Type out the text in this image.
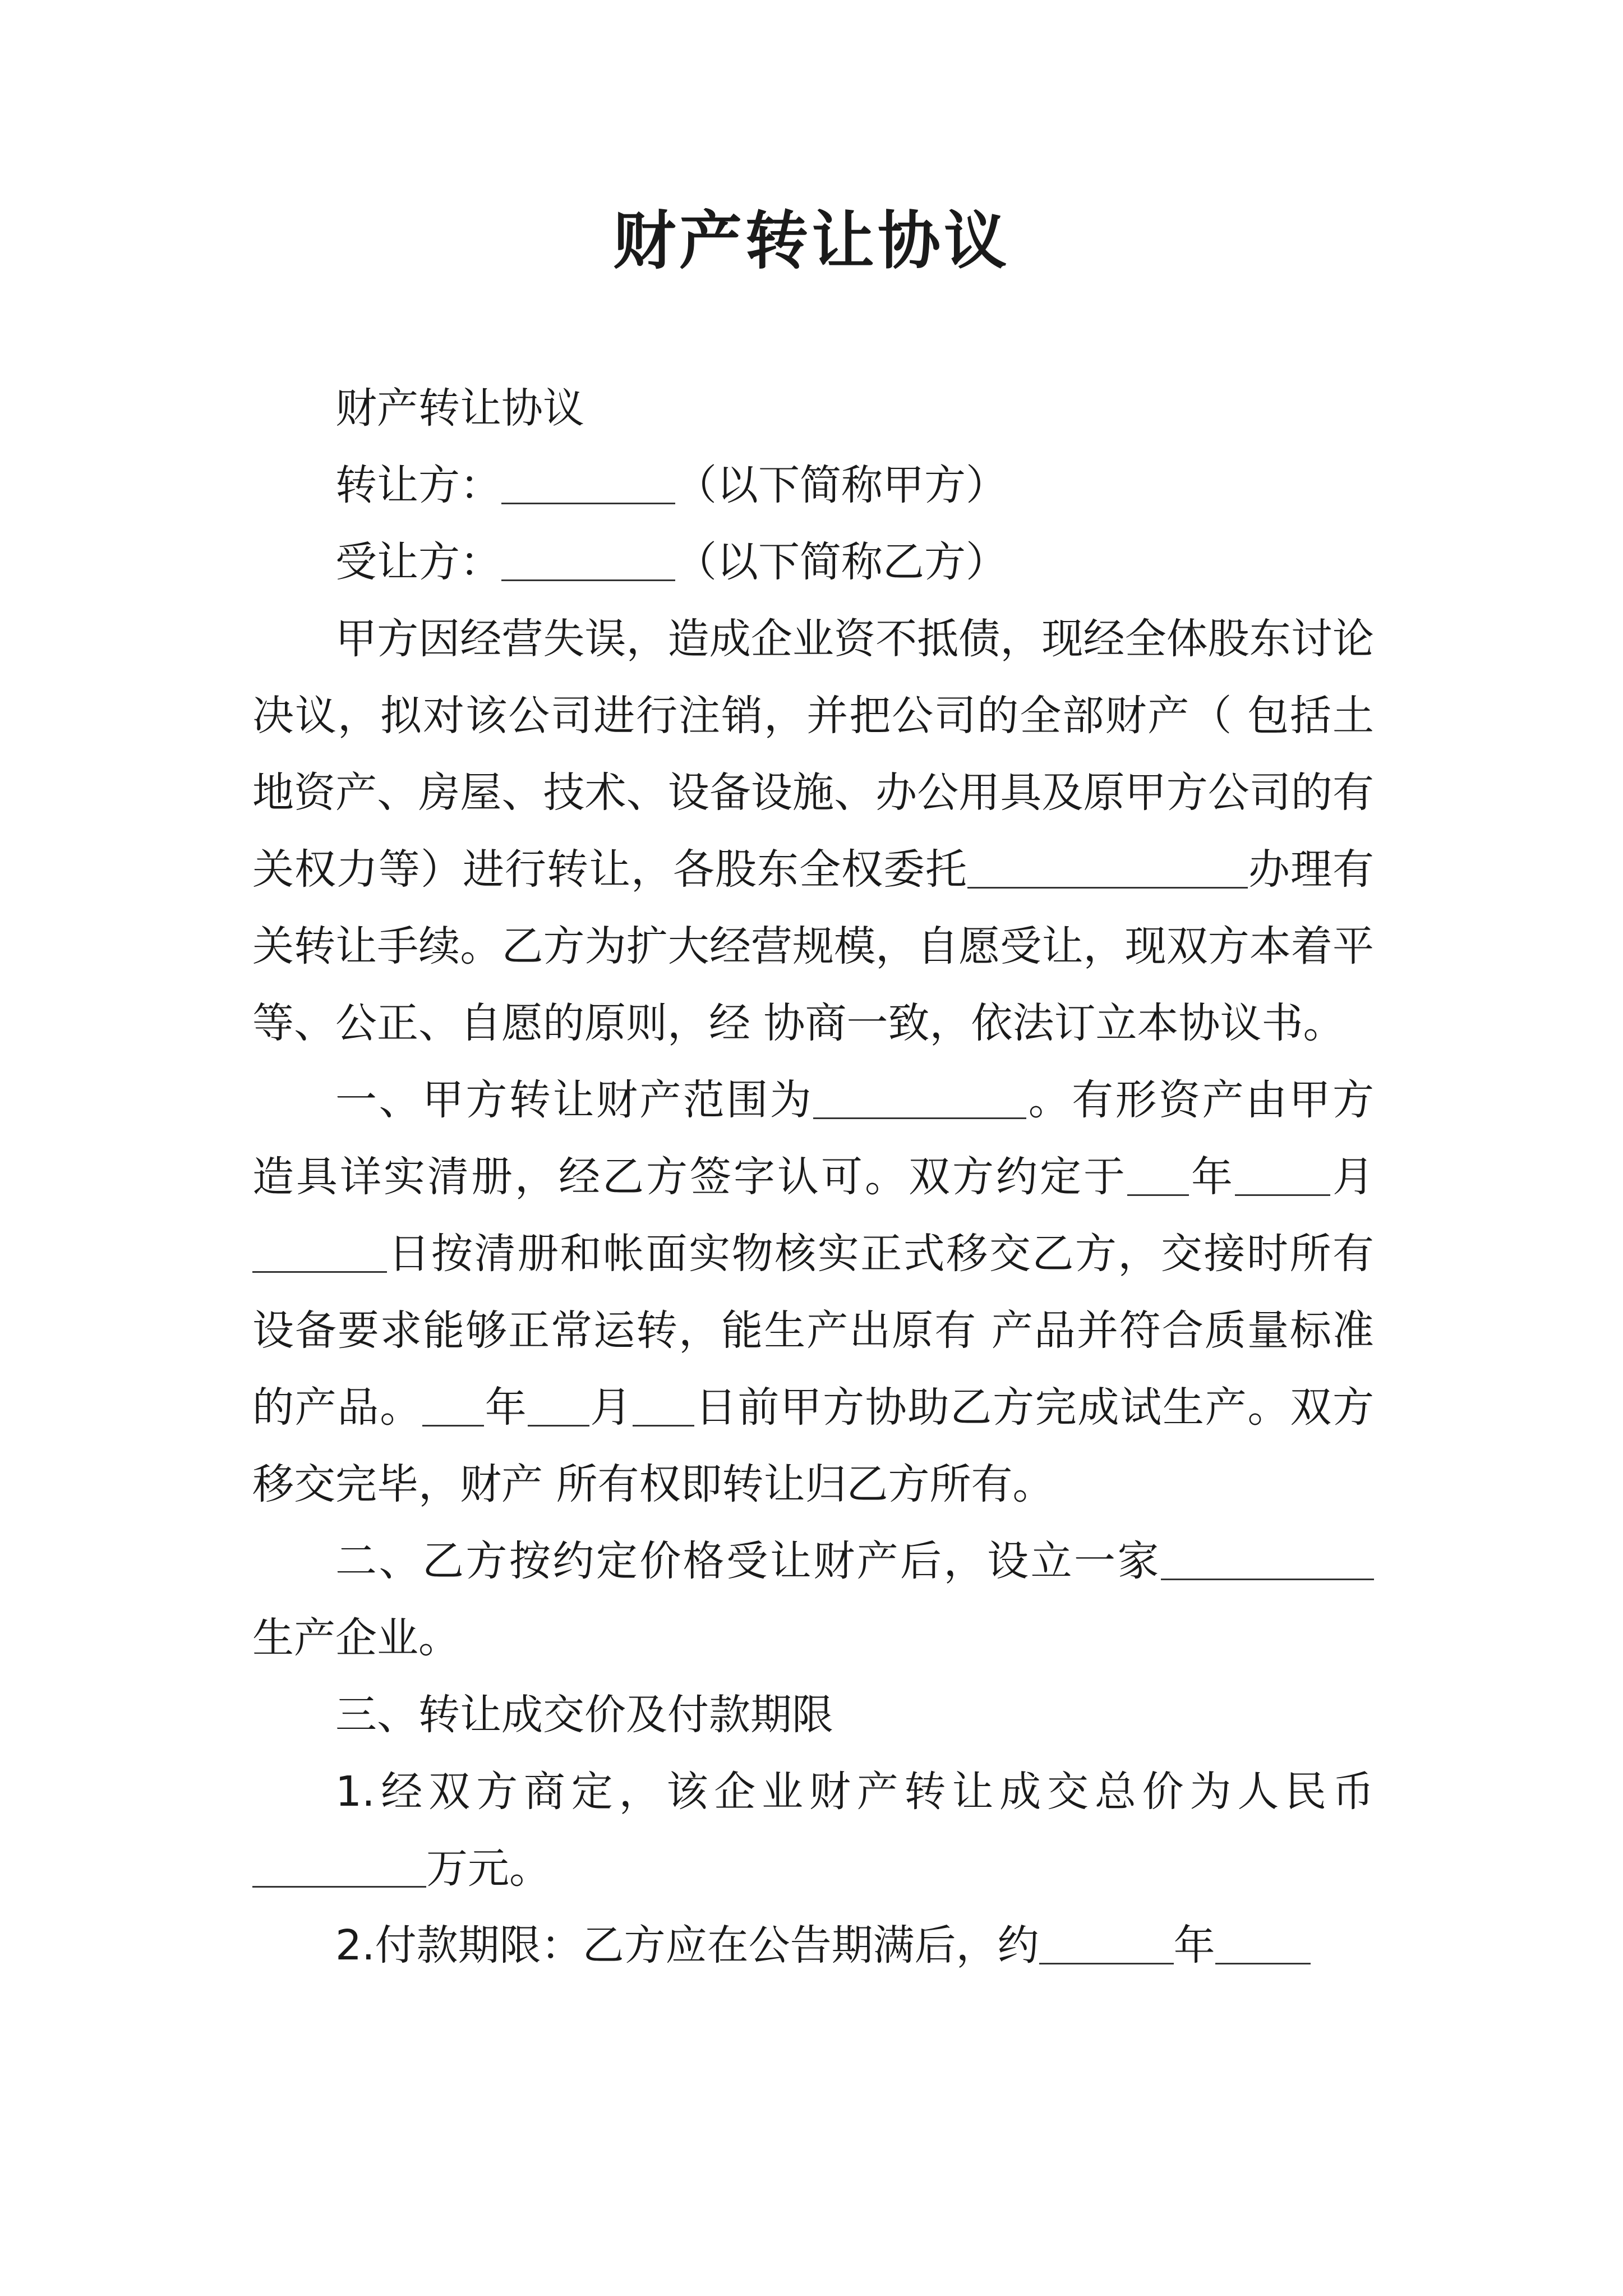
财产转让协议

财产转让协议

转让方：	（以下简称甲方）

受让方：	（以下简称乙方）

甲方因经营失误，造成企业资不抵债，现经全体股东讨论决议，拟对该公司进行注销，并把公司的全部财产（ 包括土地资产、房屋、技术、设备设施、办公用具及原甲方公司的有关权力等）进行转让，各股东全权委托	办理有关转让手续。乙方为扩大经营规模，自愿受让，现双方本着平等、公正、自愿的原则，经 协商一致，依法订立本协议书。

一、甲方转让财产范围为	。有形资产由甲方造具详实清册，经乙方签字认可。双方约定于 年 月日按清册和帐面实物核实正式移交乙方，交接时所有设备要求能够正常运转，能生产出原有 产品并符合质量标准的产品。 年 月 日前甲方协助乙方完成试生产。双方移交完毕，财产 所有权即转让归乙方所有。

二、乙方按约定价格受让财产后，设立一家生产企业。

三、转让成交价及付款期限

1.经双方商定，该企业财产转让成交总价为人民币万元。

2.付款期限：乙方应在公告期满后，约	年
